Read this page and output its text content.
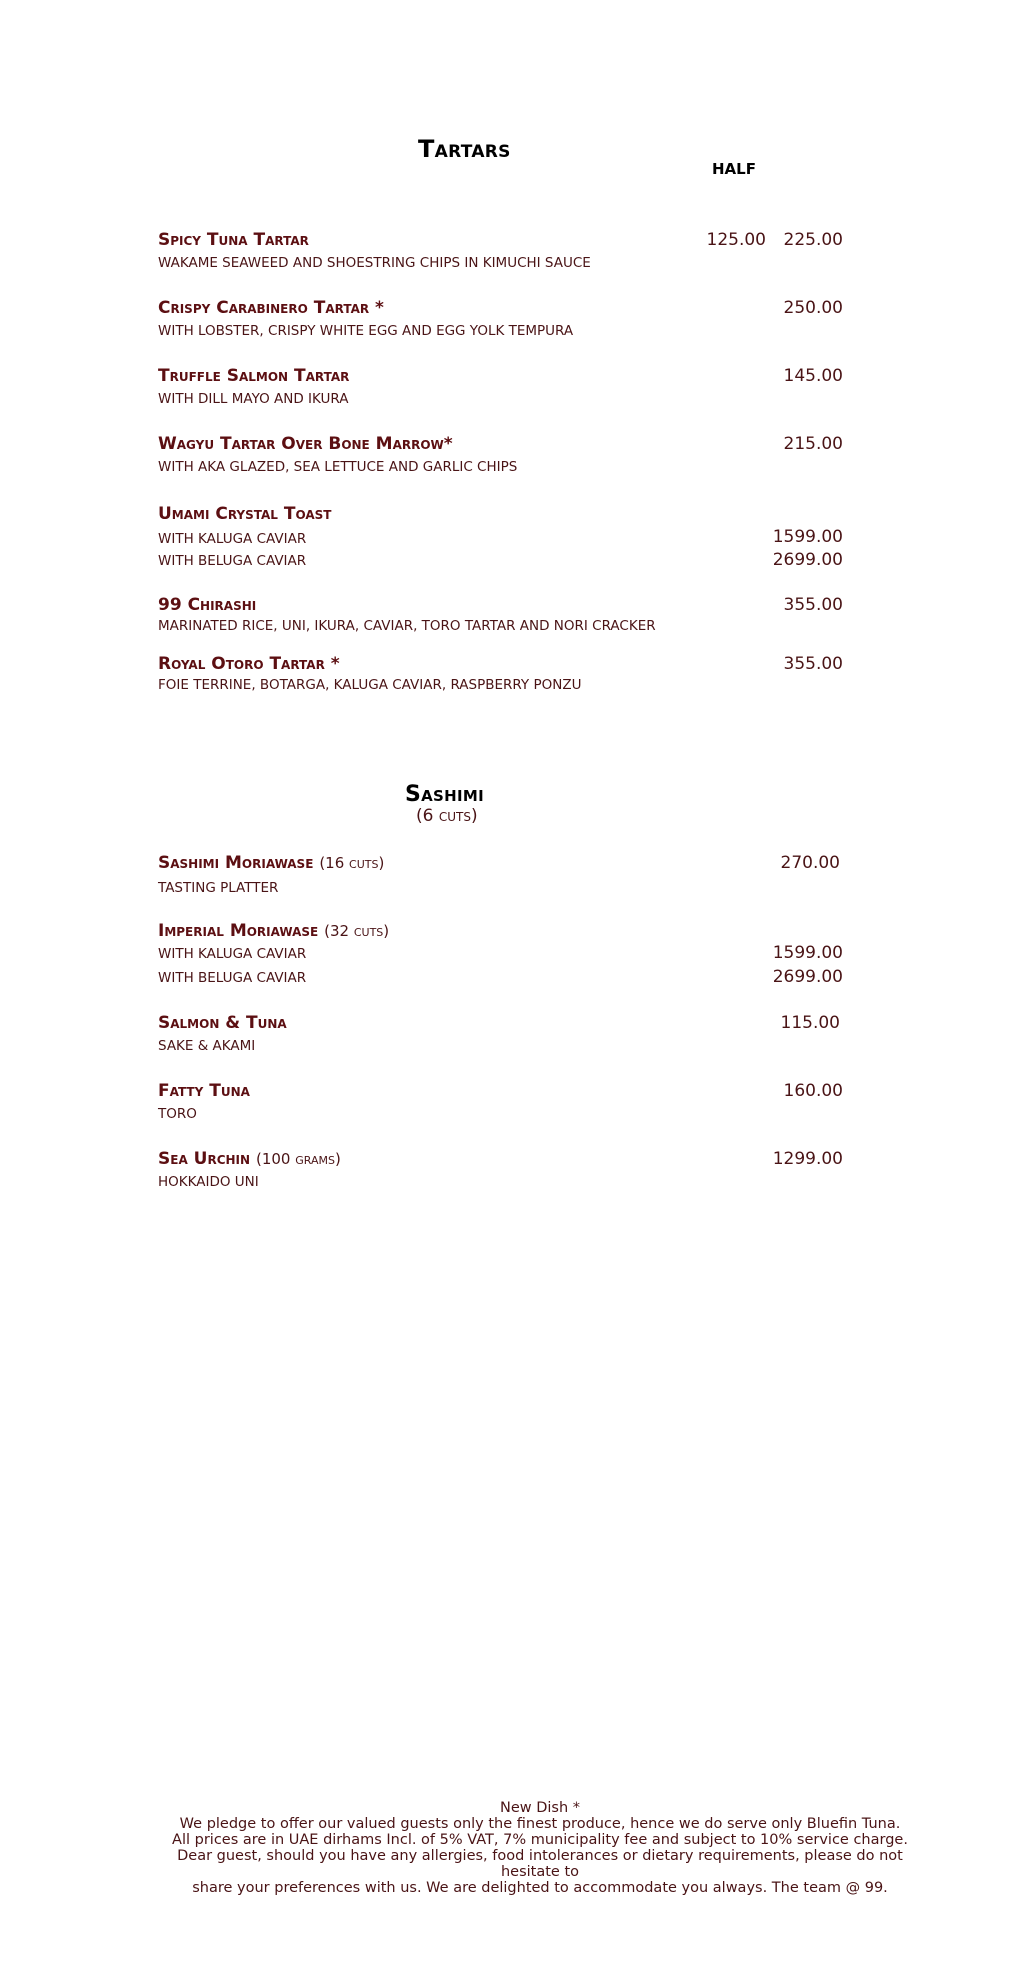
Tartars
HALF
Spicy Tuna Tartar	125.00	225.00
WAKAME SEAWEED AND SHOESTRING CHIPS IN KIMUCHI SAUCE
Crispy Carabinero Tartar *	250.00
WITH LOBSTER, CRISPY WHITE EGG AND EGG YOLK TEMPURA
Truffle Salmon Tartar	145.00
WITH DILL MAYO AND IKURA
Wagyu Tartar Over Bone Marrow*	215.00
WITH AKA GLAZED, SEA LETTUCE AND GARLIC CHIPS
Umami Crystal Toast
WITH KALUGA CAVIAR	1599.00
WITH BELUGA CAVIAR	2699.00
99 Chirashi	355.00
MARINATED RICE, UNI, IKURA, CAVIAR, TORO TARTAR AND NORI CRACKER
Royal Otoro Tartar *	355.00
FOIE TERRINE, BOTARGA, KALUGA CAVIAR, RASPBERRY PONZU
Sashimi
(6 cuts)
Sashimi Moriawase (16 cuts)	270.00
TASTING PLATTER
Imperial Moriawase (32 cuts)
WITH KALUGA CAVIAR	1599.00
WITH BELUGA CAVIAR	2699.00
Salmon & Tuna	115.00
SAKE & AKAMI
Fatty Tuna	160.00
TORO
Sea Urchin (100 grams)	1299.00
HOKKAIDO UNI
New Dish *
We pledge to offer our valued guests only the finest produce, hence we do serve only Bluefin Tuna.
All prices are in UAE dirhams Incl. of 5% VAT, 7% municipality fee and subject to 10% service charge.
Dear guest, should you have any allergies, food intolerances or dietary requirements, please do not hesitate to
share your preferences with us. We are delighted to accommodate you always. The team @ 99.
